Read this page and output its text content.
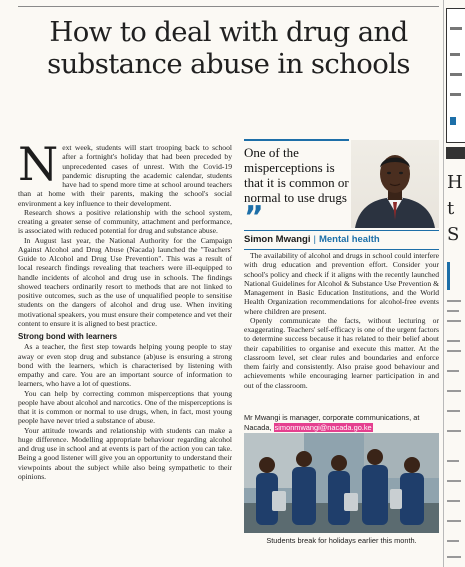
How to deal with drug and
substance abuse in schools

Next week, students will start trooping back to school after a fortnight's holiday that had been preceded by unprecedented cases of unrest. With the Covid-19 pandemic disrupting the academic calendar, students have had to spend more time at school around teachers than at home with their parents, making the school's social environment a key influence to their development.

Research shows a positive relationship with the school system, creating a greater sense of community, attachment and performance, is associated with reduced potential for drug and substance abuse.

In August last year, the National Authority for the Campaign Against Alcohol and Drug Abuse (Nacada) launched the "Teachers' Guide to Alcohol and Drug Use Prevention". This was a result of local research findings revealing that teachers were ill-equipped to handle incidents of alcohol and drug use in schools. The findings showed teachers ordinarily resort to methods that are not linked to positive outcomes, such as the use of unqualified people to sensitise students on the dangers of alcohol and drug use. When inviting motivational speakers, you must ensure their competence and vet their content to ensure it is aligned to best practice.

Strong bond with learners

As a teacher, the first step towards helping young people to stay away or even stop drug and substance (ab)use is ensuring a strong bond with the learners, which is characterised by listening with empathy and care. You are an important source of information to learners, who have a lot of questions.

You can help by correcting common misperceptions that young people have about alcohol and narcotics. One of the misperceptions is that it is common or normal to use drugs, when, in fact, most young people have never tried a substance of abuse.

Your attitude towards and relationship with students can make a huge difference. Modelling appropriate behaviour regarding alcohol and drug use in school and at events is part of the action you can take. Being a good listener will give you an opportunity to understand their viewpoints about the subject while also being sympathetic to their opinions.

One of the misperceptions is that it is common or normal to use drugs

”
Simon Mwangi | Mental health

The availability of alcohol and drugs in school could interfere with drug education and prevention effort. Consider your school's policy and check if it aligns with the recently launched National Guidelines for Alcohol & Substance Use Prevention & Management in Basic Education Institutions, and the World Health Organization recommendations for alcohol-free events where children are present.

Openly communicate the facts, without lecturing or exaggerating. Teachers' self-efficacy is one of the urgent factors to determine success because it has related to their belief about their capabilities to organise and execute this matter. At the classroom level, set clear rules and boundaries and enforce them fairly and consistently. Also praise good behaviour and achievements while encouraging learner participation in and out of the classroom.

Mr Mwangi is manager, corporate communications, at Nacada, simonmwangi@nacada.go.ke
Students break for holidays earlier this month.
H
t
S
